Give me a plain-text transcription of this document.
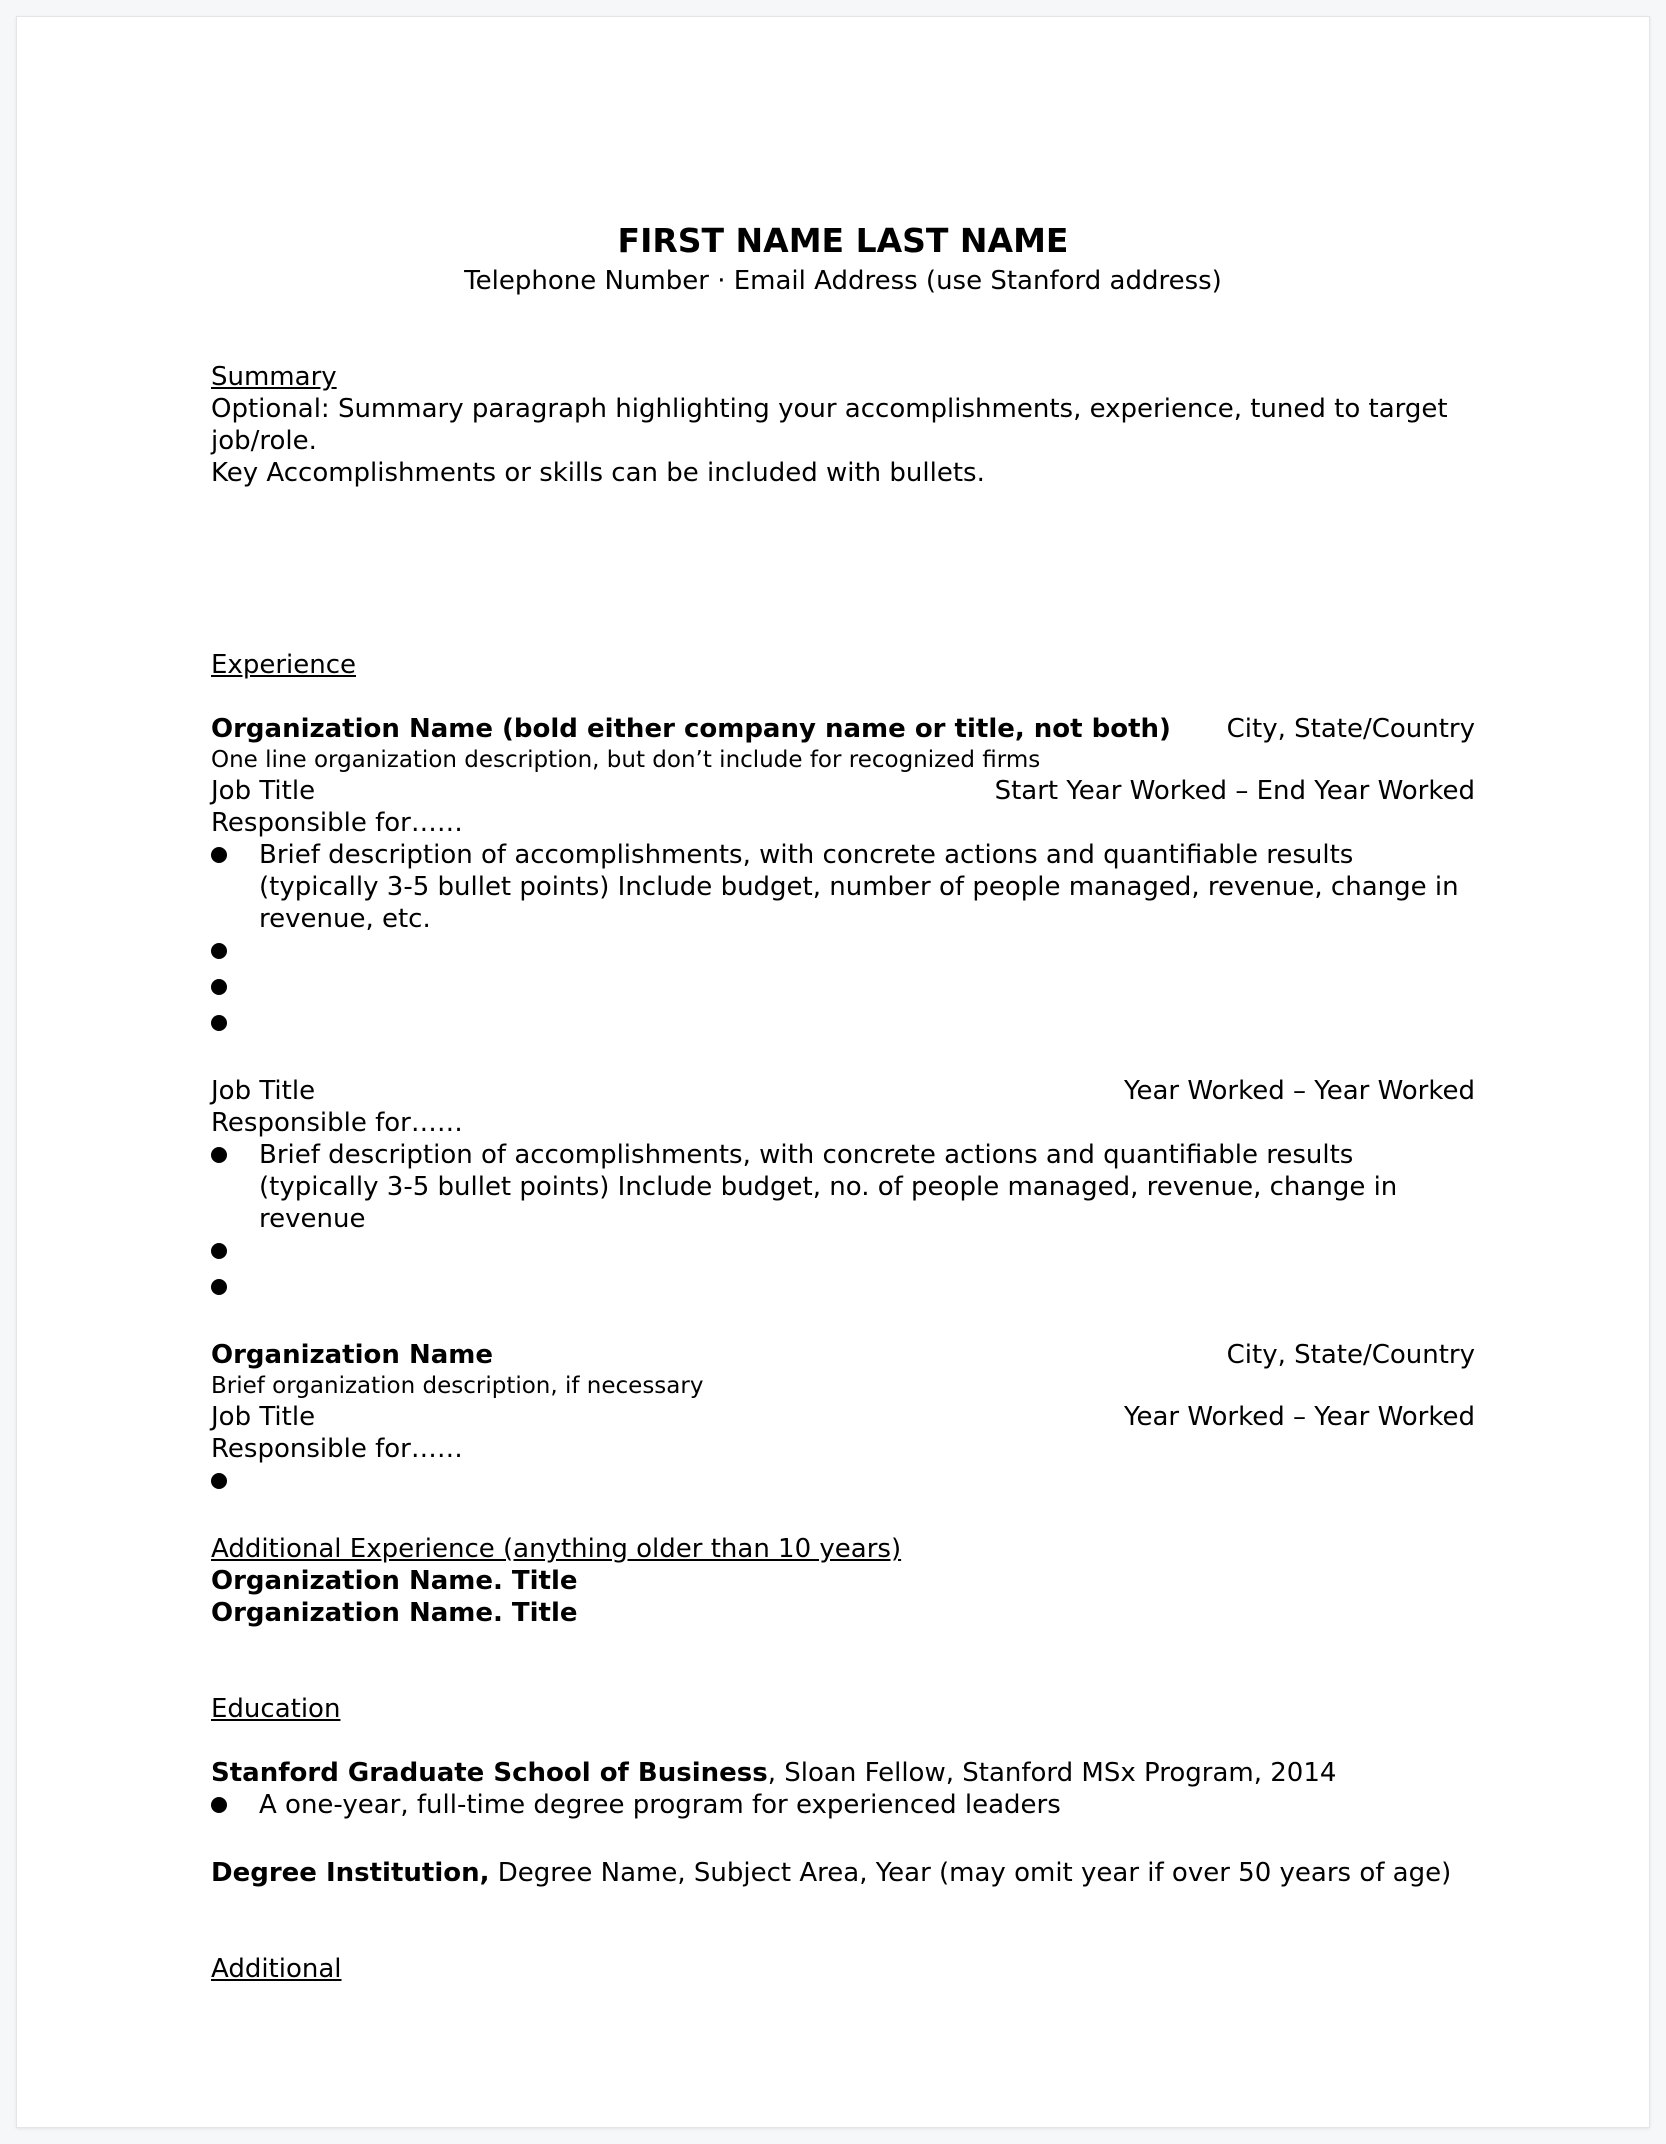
FIRST NAME LAST NAME
Telephone Number · Email Address (use Stanford address)
Summary
Optional: Summary paragraph highlighting your accomplishments, experience, tuned to target job/role.
Key Accomplishments or skills can be included with bullets.
Experience
Organization Name (bold either company name or title, not both) City, State/Country
One line organization description, but don’t include for recognized firms
Job Title	Start Year Worked – End Year Worked
Responsible for……
Brief description of accomplishments, with concrete actions and quantifiable results (typically 3-5 bullet points) Include budget, number of people managed, revenue, change in revenue, etc.
Job Title	Year Worked – Year Worked
Responsible for……
Brief description of accomplishments, with concrete actions and quantifiable results (typically 3-5 bullet points) Include budget, no. of people managed, revenue, change in revenue
Organization Name	City, State/Country
Brief organization description, if necessary
Job Title	Year Worked – Year Worked
Responsible for……
Additional Experience (anything older than 10 years)
Organization Name. Title
Organization Name. Title
Education
Stanford Graduate School of Business, Sloan Fellow, Stanford MSx Program, 2014
A one-year, full-time degree program for experienced leaders
Degree Institution, Degree Name, Subject Area, Year (may omit year if over 50 years of age)
Additional
